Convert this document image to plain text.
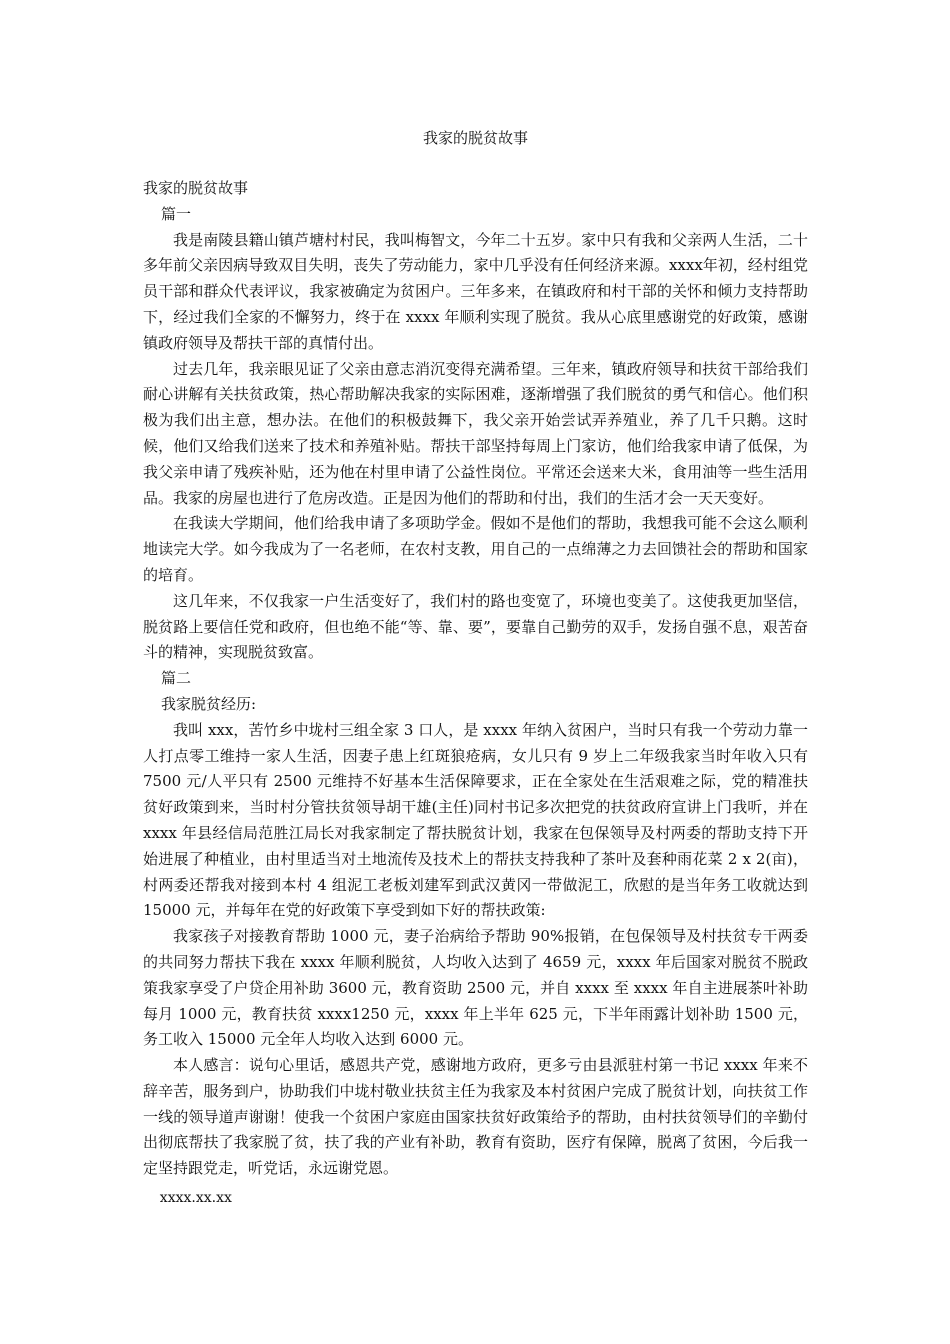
我家的脱贫故事
我家的脱贫故事
篇一

我是南陵县籍山镇芦塘村村民，我叫梅智文，今年二十五岁。家中只有我和父亲两人生活，二十多年前父亲因病导致双目失明，丧失了劳动能力，家中几乎没有任何经济来源。xxxx年初，经村组党员干部和群众代表评议，我家被确定为贫困户。三年多来，在镇政府和村干部的关怀和倾力支持帮助下，经过我们全家的不懈努力，终于在 xxxx 年顺利实现了脱贫。我从心底里感谢党的好政策，感谢镇政府领导及帮扶干部的真情付出。

过去几年，我亲眼见证了父亲由意志消沉变得充满希望。三年来，镇政府领导和扶贫干部给我们耐心讲解有关扶贫政策，热心帮助解决我家的实际困难，逐渐增强了我们脱贫的勇气和信心。他们积极为我们出主意，想办法。在他们的积极鼓舞下，我父亲开始尝试弄养殖业，养了几千只鹅。这时候，他们又给我们送来了技术和养殖补贴。帮扶干部坚持每周上门家访，他们给我家申请了低保，为我父亲申请了残疾补贴，还为他在村里申请了公益性岗位。平常还会送来大米，食用油等一些生活用品。我家的房屋也进行了危房改造。正是因为他们的帮助和付出，我们的生活才会一天天变好。

在我读大学期间，他们给我申请了多项助学金。假如不是他们的帮助，我想我可能不会这么顺利地读完大学。如今我成为了一名老师，在农村支教，用自己的一点绵薄之力去回馈社会的帮助和国家的培育。

这几年来，不仅我家一户生活变好了，我们村的路也变宽了，环境也变美了。这使我更加坚信，脱贫路上要信任党和政府，但也绝不能“等、靠、要”，要靠自己勤劳的双手，发扬自强不息，艰苦奋斗的精神，实现脱贫致富。

篇二
我家脱贫经历:

我叫 xxx，苦竹乡中垅村三组全家 3 口人，是 xxxx 年纳入贫困户，当时只有我一个劳动力靠一人打点零工维持一家人生活，因妻子患上红斑狼疮病，女儿只有 9 岁上二年级我家当时年收入只有 7500 元/人平只有 2500 元维持不好基本生活保障要求，正在全家处在生活艰难之际，党的精准扶贫好政策到来，当时村分管扶贫领导胡干雄(主任)同村书记多次把党的扶贫政府宣讲上门我听，并在 xxxx 年县经信局范胜江局长对我家制定了帮扶脱贫计划，我家在包保领导及村两委的帮助支持下开始进展了种植业，由村里适当对土地流传及技术上的帮扶支持我种了茶叶及套种雨花菜 2 x 2(亩)，村两委还帮我对接到本村 4 组泥工老板刘建军到武汉黄冈一带做泥工，欣慰的是当年务工收就达到 15000 元，并每年在党的好政策下享受到如下好的帮扶政策:

我家孩子对接教育帮助 1000 元，妻子治病给予帮助 90%报销，在包保领导及村扶贫专干两委的共同努力帮扶下我在 xxxx 年顺利脱贫，人均收入达到了 4659 元，xxxx 年后国家对脱贫不脱政策我家享受了户贷企用补助 3600 元，教育资助 2500 元，并自 xxxx 至 xxxx 年自主进展茶叶补助每月 1000 元，教育扶贫 xxxx1250 元，xxxx 年上半年 625 元，下半年雨露计划补助 1500 元，务工收入 15000 元全年人均收入达到 6000 元。

本人感言：说句心里话，感恩共产党，感谢地方政府，更多亏由县派驻村第一书记 xxxx 年来不辞辛苦，服务到户，协助我们中垅村敬业扶贫主任为我家及本村贫困户完成了脱贫计划，向扶贫工作一线的领导道声谢谢！使我一个贫困户家庭由国家扶贫好政策给予的帮助，由村扶贫领导们的辛勤付出彻底帮扶了我家脱了贫，扶了我的产业有补助，教育有资助，医疗有保障，脱离了贫困，今后我一定坚持跟党走，听党话，永远谢党恩。

xxxx.xx.xx
